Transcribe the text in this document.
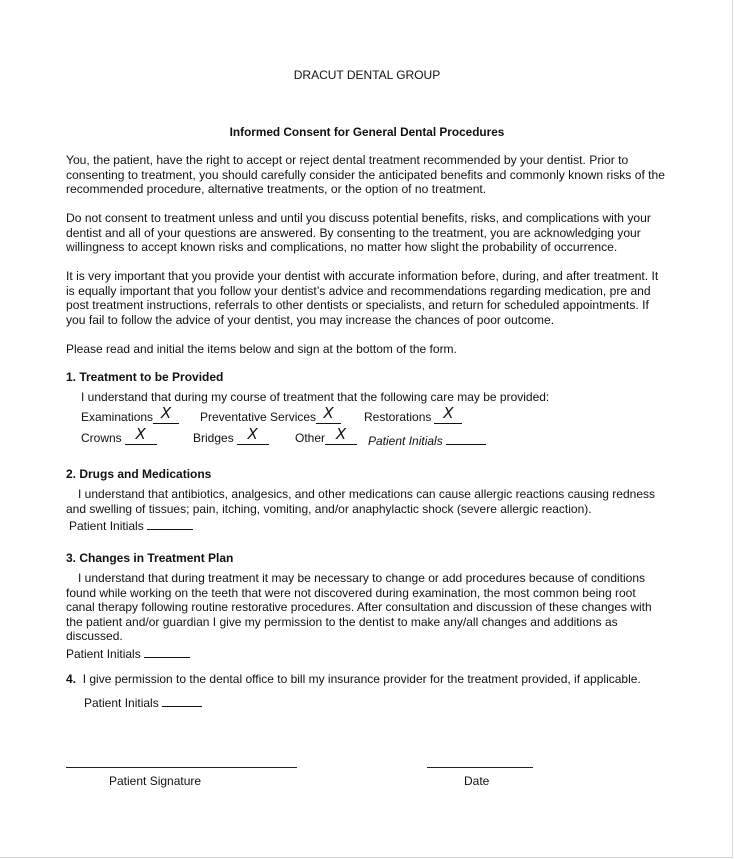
DRACUT DENTAL GROUP
Informed Consent for General Dental Procedures
You, the patient, have the right to accept or reject dental treatment recommended by your dentist. Prior to consenting to treatment, you should carefully consider the anticipated benefits and commonly known risks of the recommended procedure, alternative treatments, or the option of no treatment.
Do not consent to treatment unless and until you discuss potential benefits, risks, and complications with your dentist and all of your questions are answered. By consenting to the treatment, you are acknowledging your willingness to accept known risks and complications, no matter how slight the probability of occurrence.
It is very important that you provide your dentist with accurate information before, during, and after treatment. It is equally important that you follow your dentist’s advice and recommendations regarding medication, pre and post treatment instructions, referrals to other dentists or specialists, and return for scheduled appointments. If you fail to follow the advice of your dentist, you may increase the chances of poor outcome.
Please read and initial the items below and sign at the bottom of the form.
1. Treatment to be Provided
I understand that during my course of treatment that the following care may be provided:
Examinations X	Preventative Services X	Restorations X
Crowns X	Bridges X	Other X	Patient Initials
2. Drugs and Medications
I understand that antibiotics, analgesics, and other medications can cause allergic reactions causing redness
and swelling of tissues; pain, itching, vomiting, and/or anaphylactic shock (severe allergic reaction).
Patient Initials
3. Changes in Treatment Plan
I understand that during treatment it may be necessary to change or add procedures because of conditions
found while working on the teeth that were not discovered during examination, the most common being root
canal therapy following routine restorative procedures. After consultation and discussion of these changes with
the patient and/or guardian I give my permission to the dentist to make any/all changes and additions as
discussed.
Patient Initials
4. I give permission to the dental office to bill my insurance provider for the treatment provided, if applicable.
Patient Initials
Patient Signature	Date
